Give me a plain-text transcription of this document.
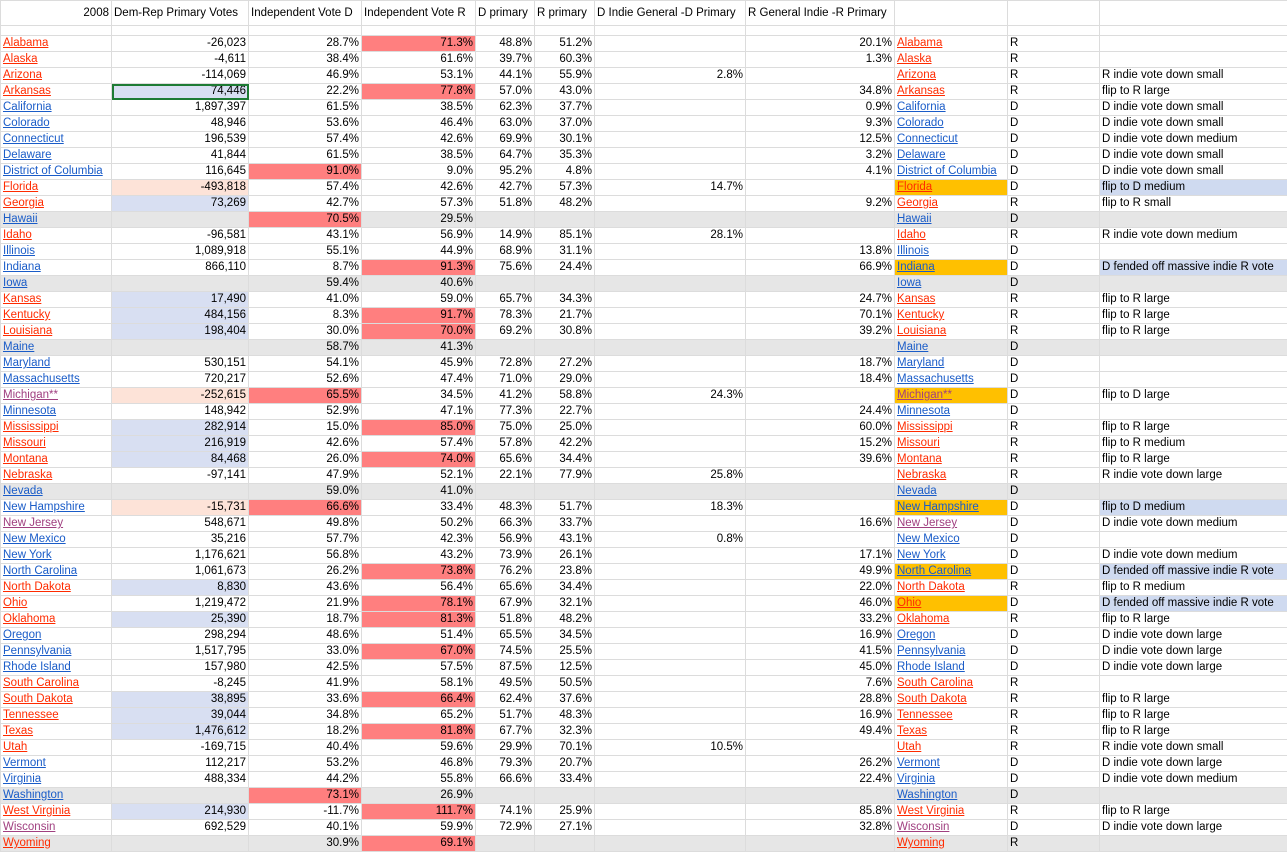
2008	Dem-Rep Primary Votes	Independent Vote D	Independent Vote R	D primary	R primary	D Indie General -D Primary	R General Indie -R Primary			

Alabama	-26,023	28.7%	71.3%	48.8%	51.2%		20.1%	Alabama	R	
Alaska	-4,611	38.4%	61.6%	39.7%	60.3%		1.3%	Alaska	R	
Arizona	-114,069	46.9%	53.1%	44.1%	55.9%	2.8%		Arizona	R	R indie vote down small
Arkansas	74,446	22.2%	77.8%	57.0%	43.0%		34.8%	Arkansas	R	flip to R large
California	1,897,397	61.5%	38.5%	62.3%	37.7%		0.9%	California	D	D indie vote down small
Colorado	48,946	53.6%	46.4%	63.0%	37.0%		9.3%	Colorado	D	D indie vote down small
Connecticut	196,539	57.4%	42.6%	69.9%	30.1%		12.5%	Connecticut	D	D indie vote down medium
Delaware	41,844	61.5%	38.5%	64.7%	35.3%		3.2%	Delaware	D	D indie vote down small
District of Columbia	116,645	91.0%	9.0%	95.2%	4.8%		4.1%	District of Columbia	D	D indie vote down small
Florida	-493,818	57.4%	42.6%	42.7%	57.3%	14.7%		Florida	D	flip to D medium
Georgia	73,269	42.7%	57.3%	51.8%	48.2%		9.2%	Georgia	R	flip to R small
Hawaii		70.5%	29.5%					Hawaii	D	
Idaho	-96,581	43.1%	56.9%	14.9%	85.1%	28.1%		Idaho	R	R indie vote down medium
Illinois	1,089,918	55.1%	44.9%	68.9%	31.1%		13.8%	Illinois	D	
Indiana	866,110	8.7%	91.3%	75.6%	24.4%		66.9%	Indiana	D	D fended off massive indie R vote
Iowa		59.4%	40.6%					Iowa	D	
Kansas	17,490	41.0%	59.0%	65.7%	34.3%		24.7%	Kansas	R	flip to R large
Kentucky	484,156	8.3%	91.7%	78.3%	21.7%		70.1%	Kentucky	R	flip to R large
Louisiana	198,404	30.0%	70.0%	69.2%	30.8%		39.2%	Louisiana	R	flip to R large
Maine		58.7%	41.3%					Maine	D	
Maryland	530,151	54.1%	45.9%	72.8%	27.2%		18.7%	Maryland	D	
Massachusetts	720,217	52.6%	47.4%	71.0%	29.0%		18.4%	Massachusetts	D	
Michigan**	-252,615	65.5%	34.5%	41.2%	58.8%	24.3%		Michigan**	D	flip to D large
Minnesota	148,942	52.9%	47.1%	77.3%	22.7%		24.4%	Minnesota	D	
Mississippi	282,914	15.0%	85.0%	75.0%	25.0%		60.0%	Mississippi	R	flip to R large
Missouri	216,919	42.6%	57.4%	57.8%	42.2%		15.2%	Missouri	R	flip to R medium
Montana	84,468	26.0%	74.0%	65.6%	34.4%		39.6%	Montana	R	flip to R large
Nebraska	-97,141	47.9%	52.1%	22.1%	77.9%	25.8%		Nebraska	R	R indie vote down large
Nevada		59.0%	41.0%					Nevada	D	
New Hampshire	-15,731	66.6%	33.4%	48.3%	51.7%	18.3%		New Hampshire	D	flip to D medium
New Jersey	548,671	49.8%	50.2%	66.3%	33.7%		16.6%	New Jersey	D	D indie vote down medium
New Mexico	35,216	57.7%	42.3%	56.9%	43.1%	0.8%		New Mexico	D	
New York	1,176,621	56.8%	43.2%	73.9%	26.1%		17.1%	New York	D	D indie vote down medium
North Carolina	1,061,673	26.2%	73.8%	76.2%	23.8%		49.9%	North Carolina	D	D fended off massive indie R vote
North Dakota	8,830	43.6%	56.4%	65.6%	34.4%		22.0%	North Dakota	R	flip to R medium
Ohio	1,219,472	21.9%	78.1%	67.9%	32.1%		46.0%	Ohio	D	D fended off massive indie R vote
Oklahoma	25,390	18.7%	81.3%	51.8%	48.2%		33.2%	Oklahoma	R	flip to R large
Oregon	298,294	48.6%	51.4%	65.5%	34.5%		16.9%	Oregon	D	D indie vote down large
Pennsylvania	1,517,795	33.0%	67.0%	74.5%	25.5%		41.5%	Pennsylvania	D	D indie vote down large
Rhode Island	157,980	42.5%	57.5%	87.5%	12.5%		45.0%	Rhode Island	D	D indie vote down large
South Carolina	-8,245	41.9%	58.1%	49.5%	50.5%		7.6%	South Carolina	R	
South Dakota	38,895	33.6%	66.4%	62.4%	37.6%		28.8%	South Dakota	R	flip to R large
Tennessee	39,044	34.8%	65.2%	51.7%	48.3%		16.9%	Tennessee	R	flip to R large
Texas	1,476,612	18.2%	81.8%	67.7%	32.3%		49.4%	Texas	R	flip to R large
Utah	-169,715	40.4%	59.6%	29.9%	70.1%	10.5%		Utah	R	R indie vote down small
Vermont	112,217	53.2%	46.8%	79.3%	20.7%		26.2%	Vermont	D	D indie vote down large
Virginia	488,334	44.2%	55.8%	66.6%	33.4%		22.4%	Virginia	D	D indie vote down medium
Washington		73.1%	26.9%					Washington	D	
West Virginia	214,930	-11.7%	111.7%	74.1%	25.9%		85.8%	West Virginia	R	flip to R large
Wisconsin	692,529	40.1%	59.9%	72.9%	27.1%		32.8%	Wisconsin	D	D indie vote down large
Wyoming		30.9%	69.1%					Wyoming	R	
